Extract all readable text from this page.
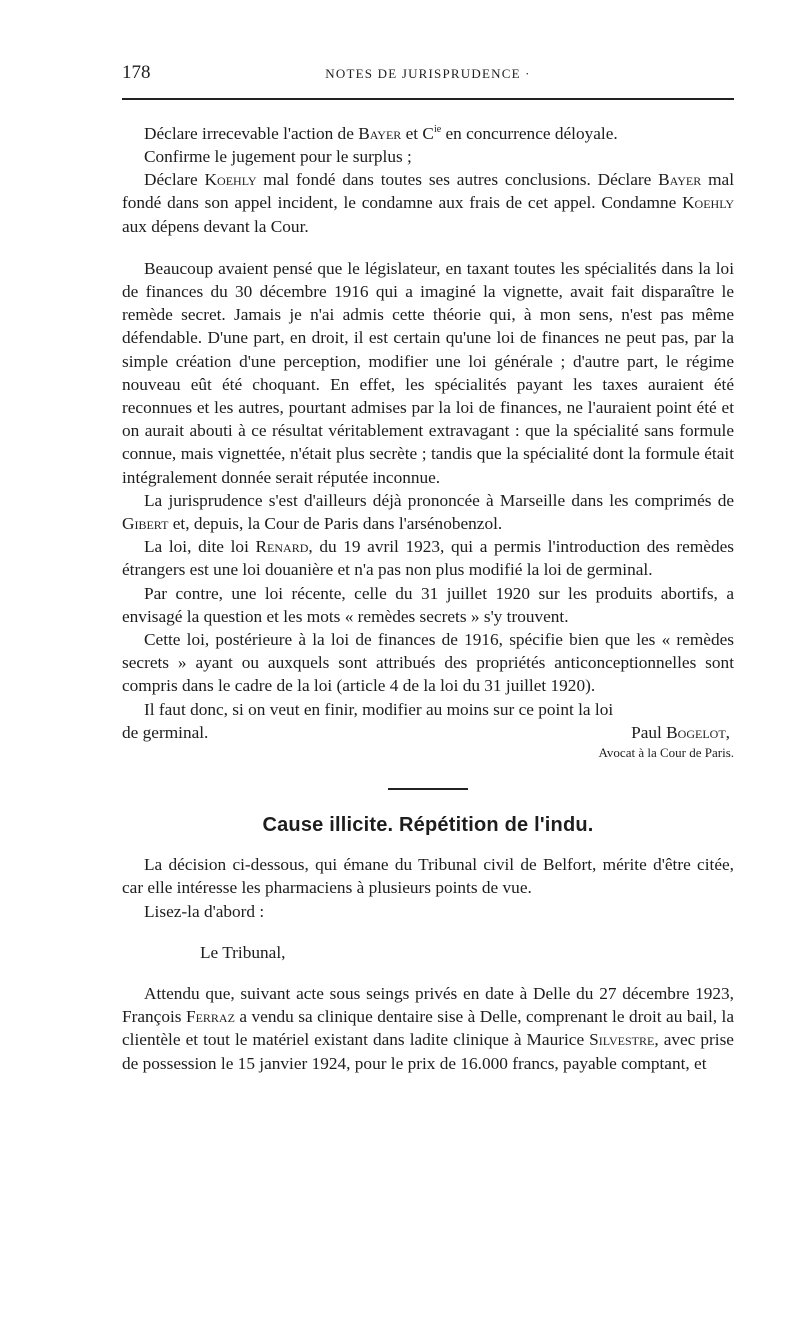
178	NOTES DE JURISPRUDENCE ·

Déclare irrecevable l'action de Bayer et $C^{ie}$ en concurrence déloyale.

Confirme le jugement pour le surplus ;

Déclare Koehly mal fondé dans toutes ses autres conclusions. Déclare Bayer mal fondé dans son appel incident, le condamne aux frais de cet appel. Condamne Koehly aux dépens devant la Cour.

Beaucoup avaient pensé que le législateur, en taxant toutes les spécialités dans la loi de finances du 30 décembre 1916 qui a imaginé la vignette, avait fait disparaître le remède secret. Jamais je n'ai admis cette théorie qui, à mon sens, n'est pas même défendable. D'une part, en droit, il est certain qu'une loi de finances ne peut pas, par la simple création d'une perception, modifier une loi générale ; d'autre part, le régime nouveau eût été choquant. En effet, les spécialités payant les taxes auraient été reconnues et les autres, pourtant admises par la loi de finances, ne l'auraient point été et on aurait abouti à ce résultat véritablement extravagant : que la spécialité sans formule connue, mais vignettée, n'était plus secrète ; tandis que la spécialité dont la formule était intégralement donnée serait réputée inconnue.

La jurisprudence s'est d'ailleurs déjà prononcée à Marseille dans les comprimés de Gibert et, depuis, la Cour de Paris dans l'arsénobenzol.

La loi, dite loi Renard, du 19 avril 1923, qui a permis l'introduction des remèdes étrangers est une loi douanière et n'a pas non plus modifié la loi de germinal.

Par contre, une loi récente, celle du 31 juillet 1920 sur les produits abortifs, a envisagé la question et les mots « remèdes secrets » s'y trouvent.

Cette loi, postérieure à la loi de finances de 1916, spécifie bien que les « remèdes secrets » ayant ou auxquels sont attribués des propriétés anticonceptionnelles sont compris dans le cadre de la loi (article 4 de la loi du 31 juillet 1920).

Il faut donc, si on veut en finir, modifier au moins sur ce point la loi

de germinal.	Paul Bogelot,

Avocat à la Cour de Paris.

Cause illicite. Répétition de l'indu.

La décision ci-dessous, qui émane du Tribunal civil de Belfort, mérite d'être citée, car elle intéresse les pharmaciens à plusieurs points de vue.

Lisez-la d'abord :

Le Tribunal,

Attendu que, suivant acte sous seings privés en date à Delle du 27 décembre 1923, François Ferraz a vendu sa clinique dentaire sise à Delle, comprenant le droit au bail, la clientèle et tout le matériel existant dans ladite clinique à Maurice Silvestre, avec prise de possession le 15 janvier 1924, pour le prix de 16.000 francs, payable comptant, et
